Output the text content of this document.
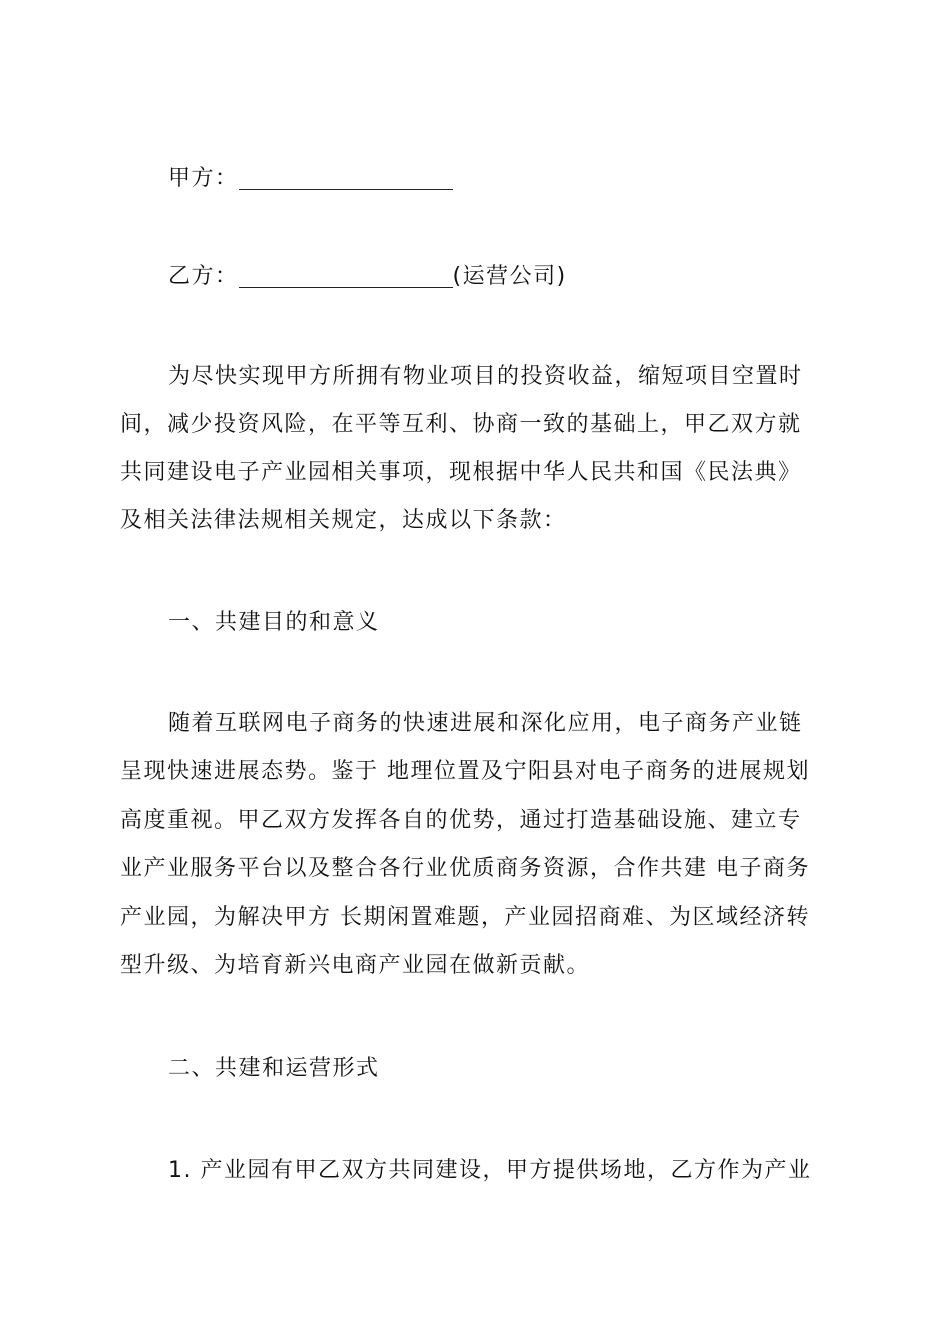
甲方：
乙方：	(运营公司)
为尽快实现甲方所拥有物业项目的投资收益，缩短项目空置时
间，减少投资风险，在平等互利、协商一致的基础上，甲乙双方就
共同建设电子产业园相关事项，现根据中华人民共和国《民法典》
及相关法律法规相关规定，达成以下条款：
一、共建目的和意义
随着互联网电子商务的快速进展和深化应用，电子商务产业链
呈现快速进展态势。鉴于 地理位置及宁阳县对电子商务的进展规划
高度重视。甲乙双方发挥各自的优势，通过打造基础设施、建立专
业产业服务平台以及整合各行业优质商务资源，合作共建 电子商务
产业园，为解决甲方 长期闲置难题，产业园招商难、为区域经济转
型升级、为培育新兴电商产业园在做新贡献。
二、共建和运营形式
1. 产业园有甲乙双方共同建设，甲方提供场地，乙方作为产业
